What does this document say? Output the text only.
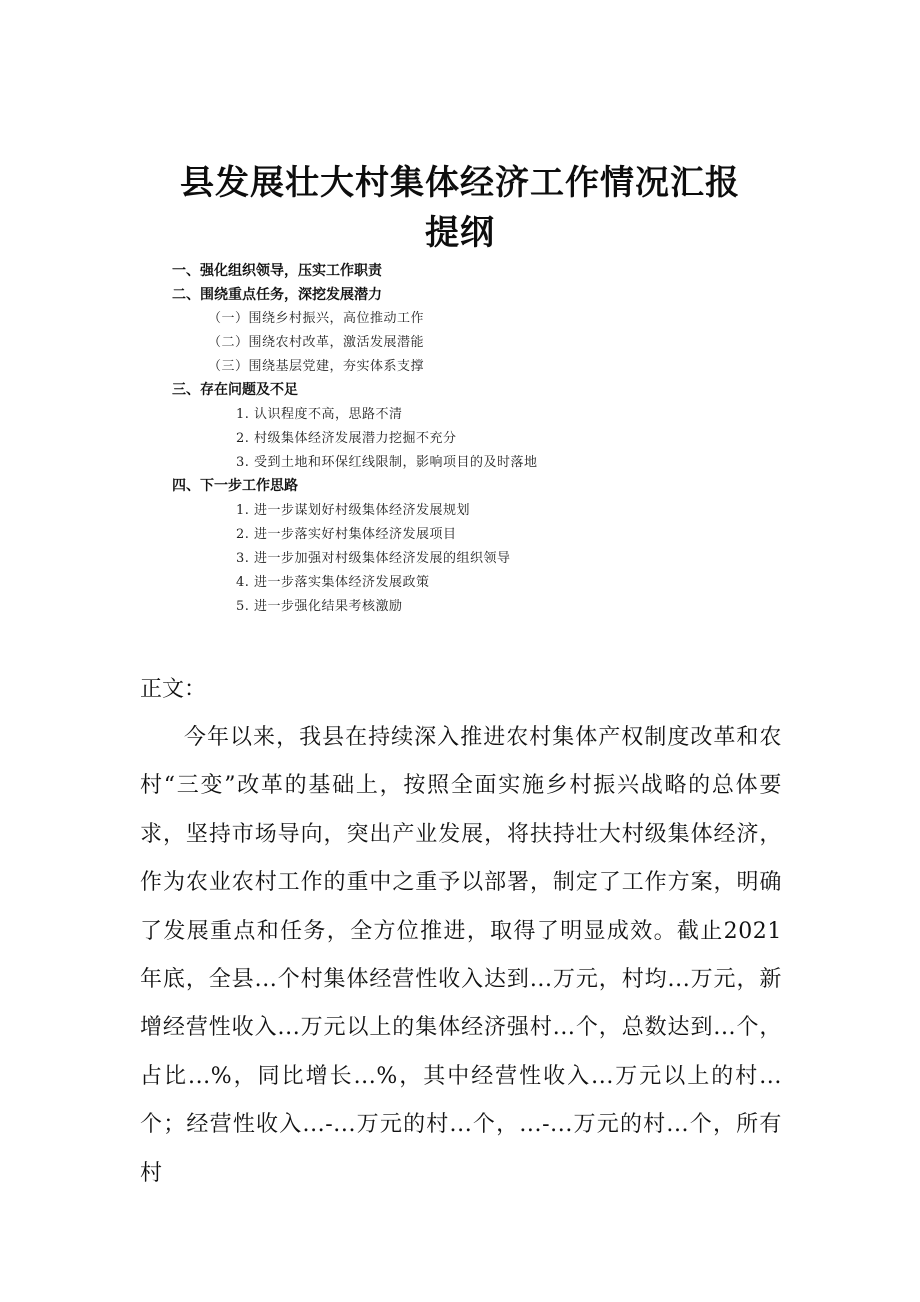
县发展壮大村集体经济工作情况汇报
提纲
一、强化组织领导，压实工作职责
二、围绕重点任务，深挖发展潜力
（一）围绕乡村振兴，高位推动工作
（二）围绕农村改革，激活发展潜能
（三）围绕基层党建，夯实体系支撑
三、存在问题及不足
1. 认识程度不高，思路不清
2. 村级集体经济发展潜力挖掘不充分
3. 受到土地和环保红线限制，影响项目的及时落地
四、下一步工作思路
1. 进一步谋划好村级集体经济发展规划
2. 进一步落实好村集体经济发展项目
3. 进一步加强对村级集体经济发展的组织领导
4. 进一步落实集体经济发展政策
5. 进一步强化结果考核激励
正文：

今年以来，我县在持续深入推进农村集体产权制度改革和农村“三变”改革的基础上，按照全面实施乡村振兴战略的总体要求，坚持市场导向，突出产业发展，将扶持壮大村级集体经济，作为农业农村工作的重中之重予以部署，制定了工作方案，明确了发展重点和任务，全方位推进，取得了明显成效。截止2021年底，全县...个村集体经营性收入达到...万元，村均...万元，新增经营性收入...万元以上的集体经济强村...个，总数达到...个，占比...%，同比增长...%，其中经营性收入...万元以上的村...个；经营性收入...-...万元的村...个，...-...万元的村...个，所有村
